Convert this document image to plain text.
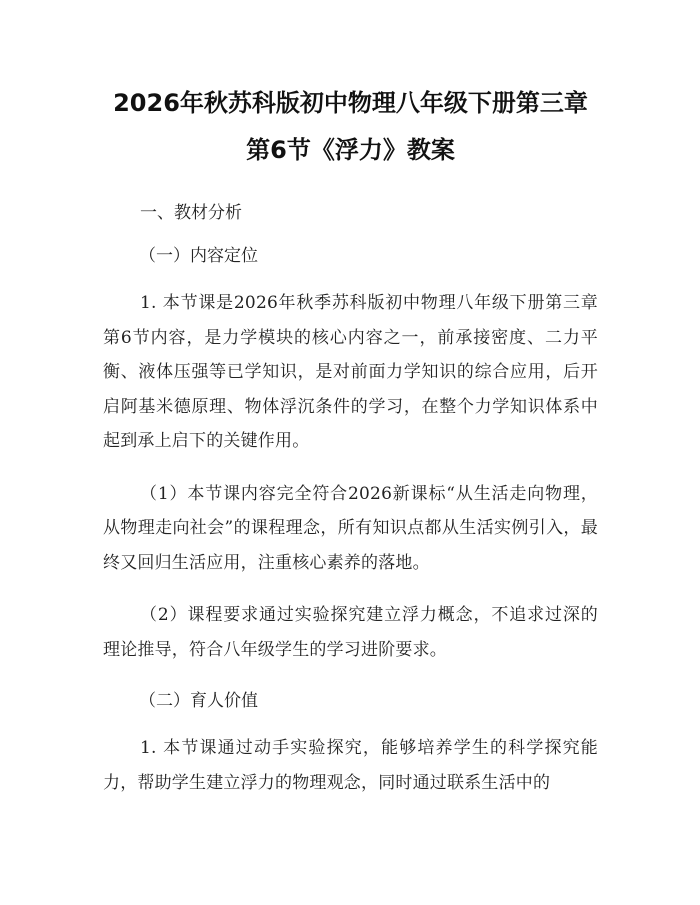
2026年秋苏科版初中物理八年级下册第三章
第6节《浮力》教案
一、教材分析
（一）内容定位

1. 本节课是2026年秋季苏科版初中物理八年级下册第三章第6节内容，是力学模块的核心内容之一，前承接密度、二力平衡、液体压强等已学知识，是对前面力学知识的综合应用，后开启阿基米德原理、物体浮沉条件的学习，在整个力学知识体系中起到承上启下的关键作用。

（1）本节课内容完全符合2026新课标“从生活走向物理，从物理走向社会”的课程理念，所有知识点都从生活实例引入，最终又回归生活应用，注重核心素养的落地。

（2）课程要求通过实验探究建立浮力概念，不追求过深的理论推导，符合八年级学生的学习进阶要求。

（二）育人价值

1. 本节课通过动手实验探究，能够培养学生的科学探究能力，帮助学生建立浮力的物理观念，同时通过联系生活中的
